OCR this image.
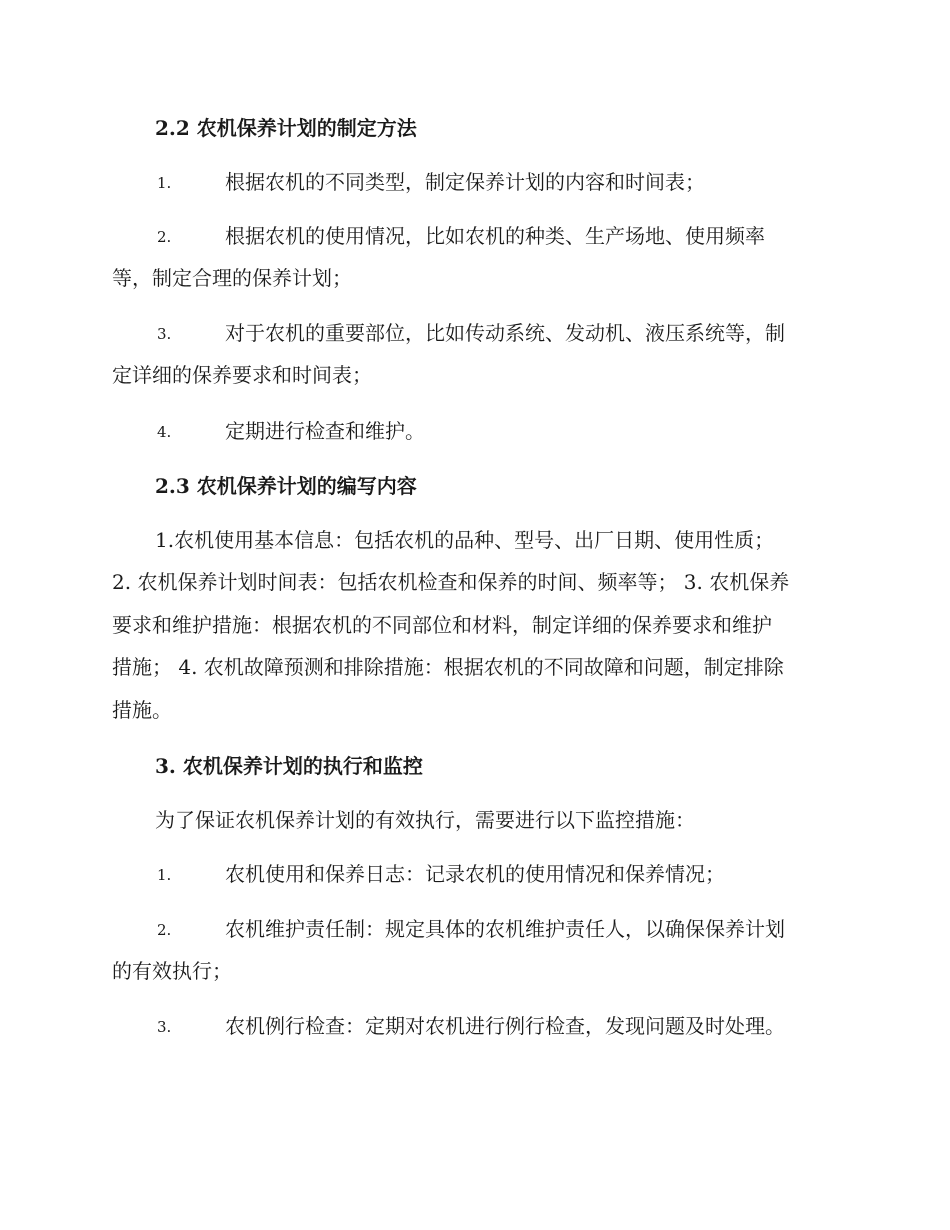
2.2 农机保养计划的制定方法
1.	根据农机的不同类型，制定保养计划的内容和时间表；
2.	根据农机的使用情况，比如农机的种类、生产场地、使用频率
等，制定合理的保养计划；
3.	对于农机的重要部位，比如传动系统、发动机、液压系统等，制
定详细的保养要求和时间表；
4.	定期进行检查和维护。
2.3 农机保养计划的编写内容
1.农机使用基本信息：包括农机的品种、型号、出厂日期、使用性质；
2. 农机保养计划时间表：包括农机检查和保养的时间、频率等； 3. 农机保养
要求和维护措施：根据农机的不同部位和材料，制定详细的保养要求和维护
措施； 4. 农机故障预测和排除措施：根据农机的不同故障和问题，制定排除
措施。
3. 农机保养计划的执行和监控
为了保证农机保养计划的有效执行，需要进行以下监控措施：
1.	农机使用和保养日志：记录农机的使用情况和保养情况；
2.	农机维护责任制：规定具体的农机维护责任人，以确保保养计划
的有效执行；
3.	农机例行检查：定期对农机进行例行检查，发现问题及时处理。
